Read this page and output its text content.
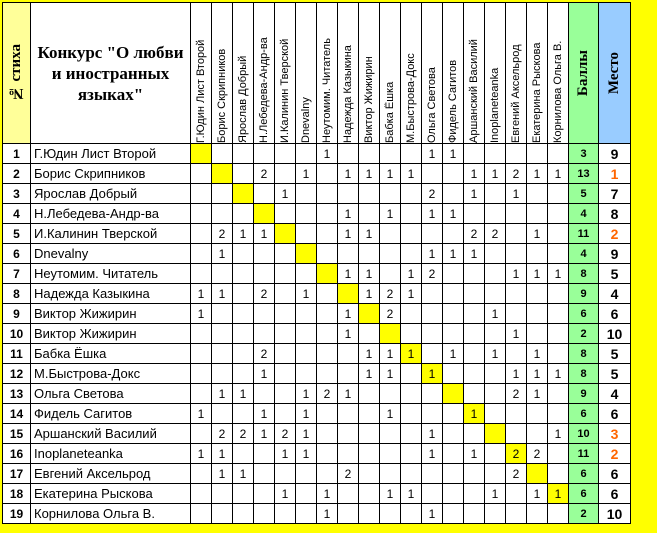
№ стиха	Конкурс "О любви и иностранных языках"	Г.Юдин Лист Второй	Борис Скрипников	Ярослав Добрый	Н.Лебедева-Андр-ва	И.Калинин Тверской	Dnevalny	Неутомим. Читатель	Надежда Казыкина	Виктор Жижирин	Бабка Ёшка	М.Быстрова-Докс	Ольга Светова	Фидель Сагитов	Аршанский Василий	Inoplaneteanka	Евгений Аксельрод	Екатерина Рыскова	Корнилова Ольга В.	Баллы	Место

1	Г.Юдин Лист Второй							1					1	1						3	9
2	Борис Скрипников				2		1		1	1	1	1			1	1	2	1	1	13	1
3	Ярослав Добрый					1							2		1		1			5	7
4	Н.Лебедева-Андр-ва								1		1		1	1						4	8
5	И.Калинин Тверской		2	1	1				1	1					2	2		1		11	2
6	Dnevalny		1										1	1	1					4	9
7	Неутомим. Читатель								1	1		1	2				1	1	1	8	5
8	Надежда Казыкина	1	1		2		1			1	2	1								9	4
9	Виктор Жижирин	1							1		2					1				6	6
10	Виктор Жижирин								1								1			2	10
11	Бабка Ёшка				2					1	1	1		1		1		1		8	5
12	М.Быстрова-Докс				1					1	1		1				1	1	1	8	5
13	Ольга Светова		1	1			1	2	1								2	1		9	4
14	Фидель Сагитов	1			1		1				1				1					6	6
15	Аршанский Василий		2	2	1	2	1						1						1	10	3
16	Inoplaneteanka	1	1			1	1						1		1		2	2		11	2
17	Евгений Аксельрод		1	1					2								2			6	6
18	Екатерина Рыскова					1		1			1	1				1		1	1	6	6
19	Корнилова Ольга В.							1					1							2	10
